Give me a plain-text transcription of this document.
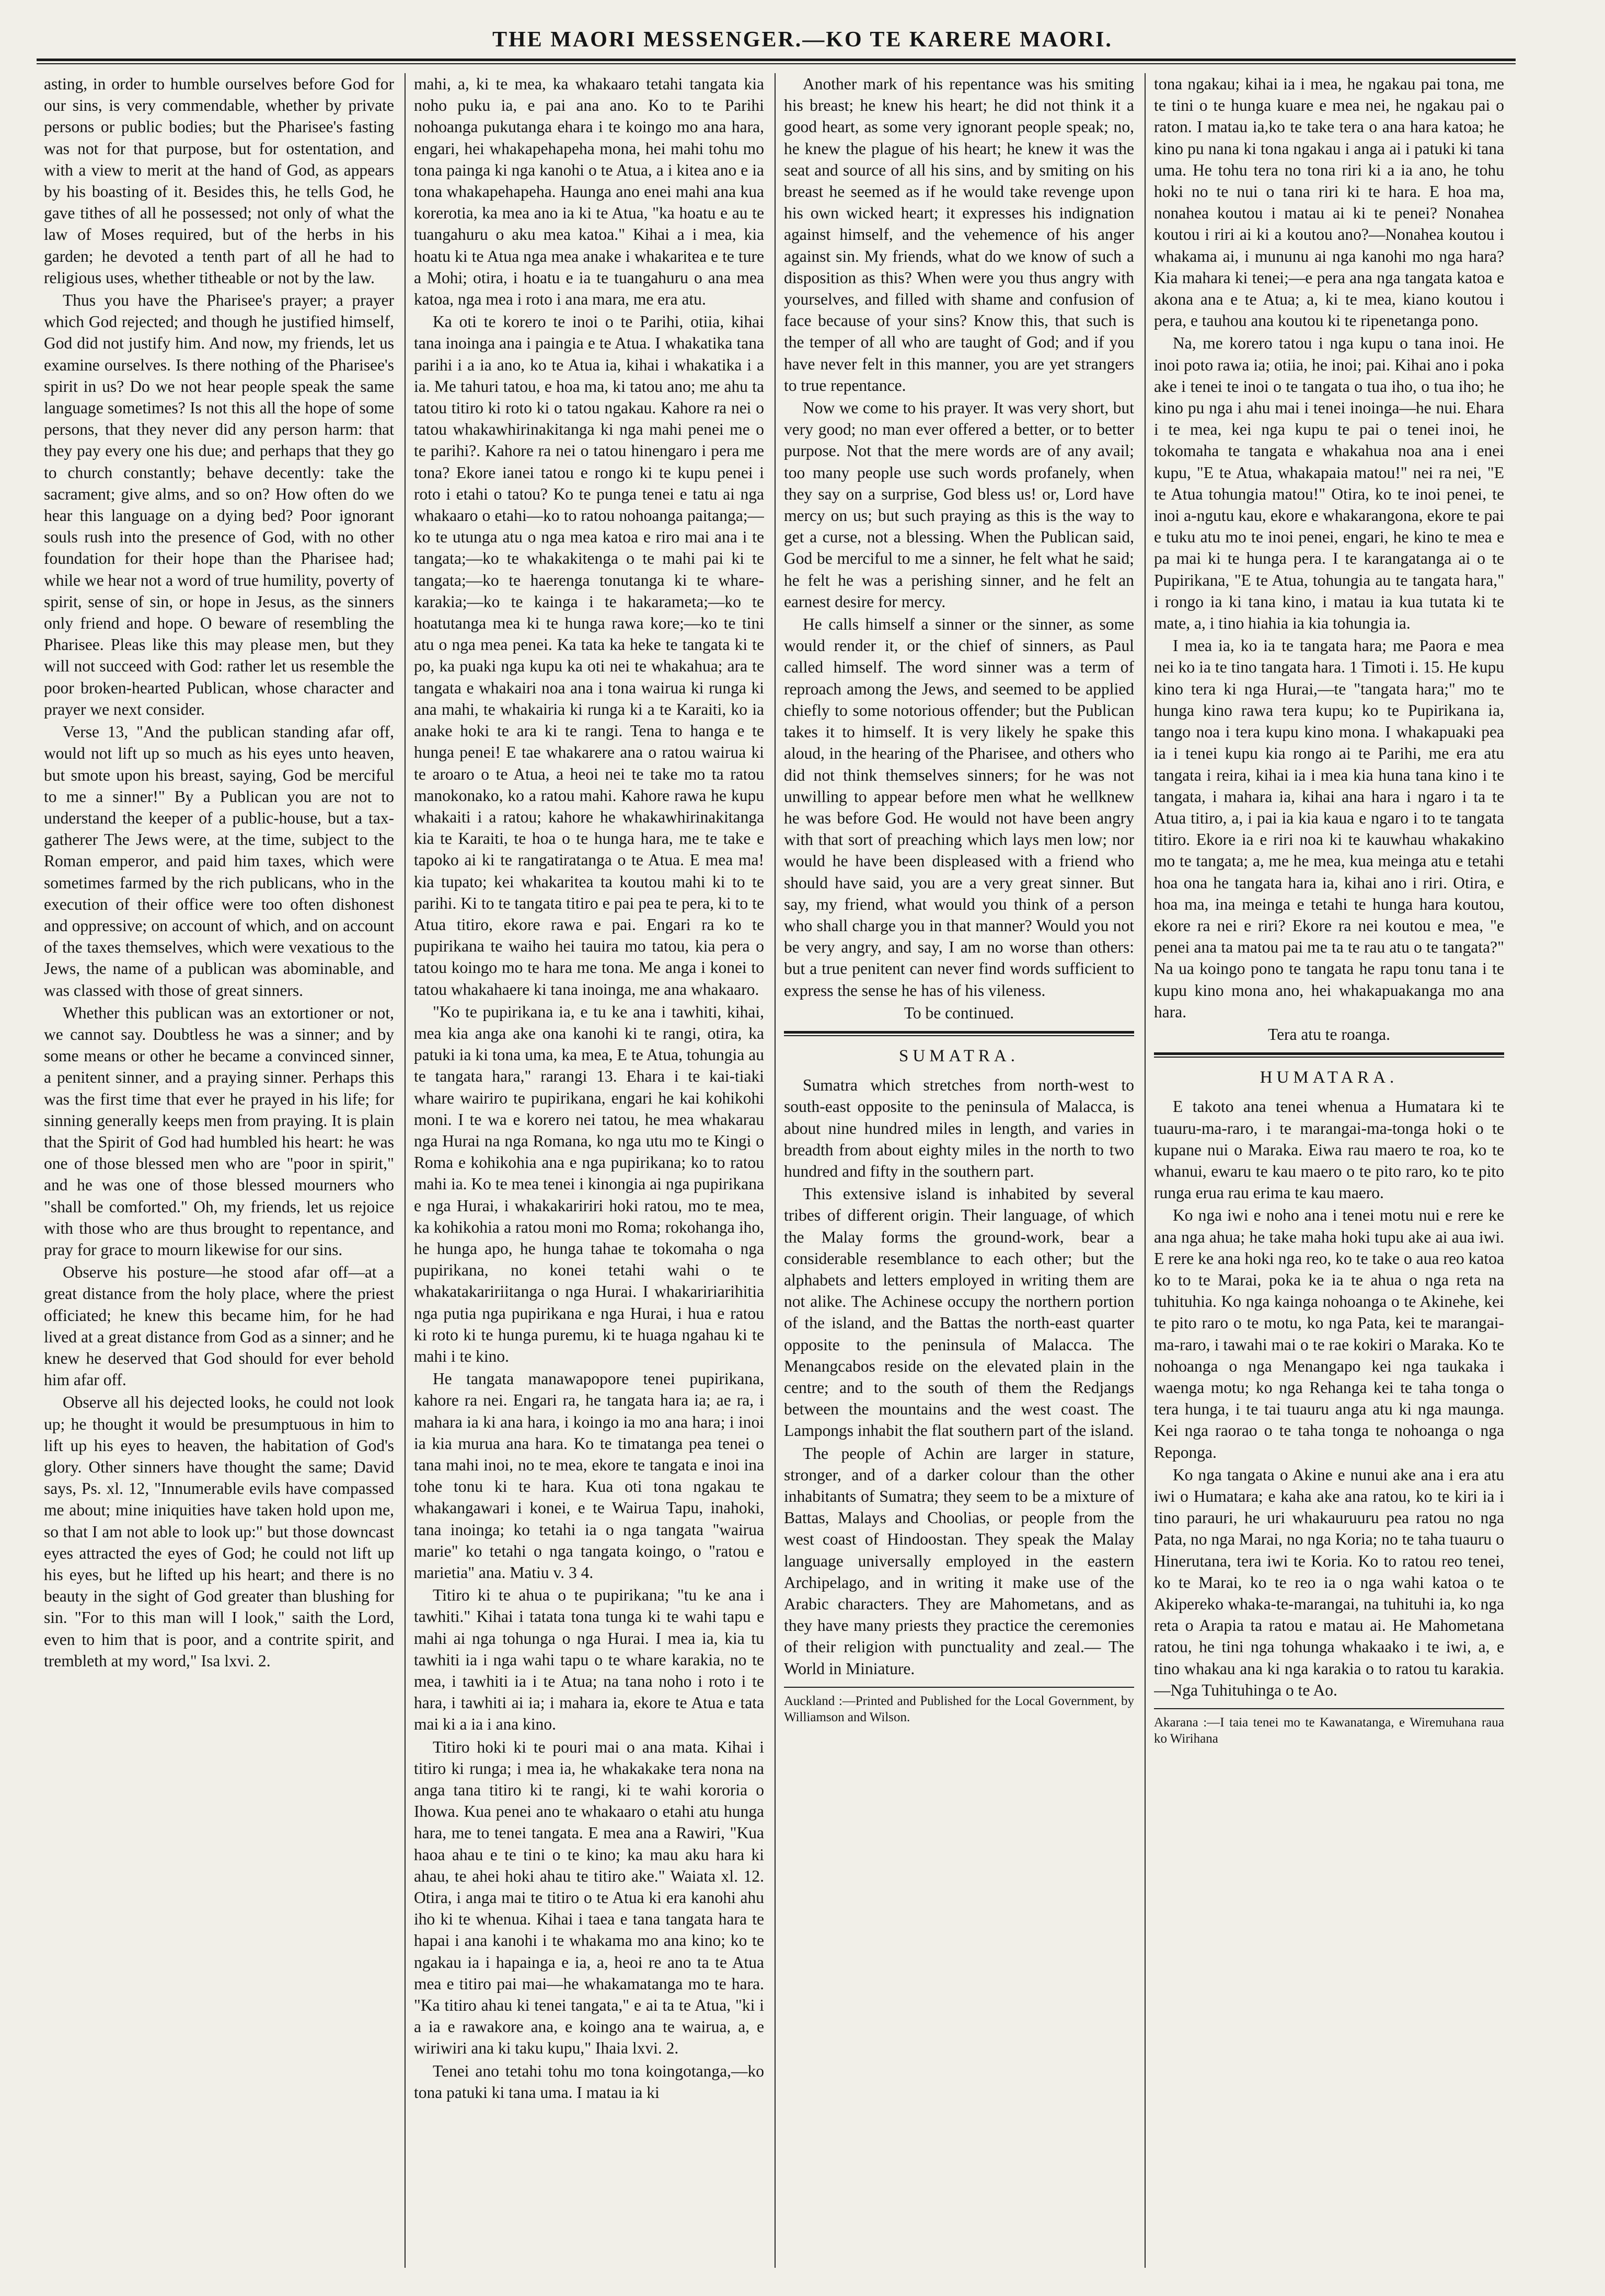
THE MAORI MESSENGER.—KO TE KARERE MAORI.

asting, in order to humble ourselves before God for our sins, is very commendable, whether by private persons or public bodies; but the Pharisee's fasting was not for that purpose, but for ostentation, and with a view to merit at the hand of God, as appears by his boasting of it. Besides this, he tells God, he gave tithes of all he possessed; not only of what the law of Moses required, but of the herbs in his garden; he devoted a tenth part of all he had to religious uses, whether titheable or not by the law.

Thus you have the Pharisee's prayer; a prayer which God rejected; and though he justified himself, God did not justify him. And now, my friends, let us examine ourselves. Is there nothing of the Pharisee's spirit in us? Do we not hear people speak the same language sometimes? Is not this all the hope of some persons, that they never did any person harm: that they pay every one his due; and perhaps that they go to church constantly; behave decently: take the sacrament; give alms, and so on? How often do we hear this language on a dying bed? Poor ignorant souls rush into the presence of God, with no other foundation for their hope than the Pharisee had; while we hear not a word of true humility, poverty of spirit, sense of sin, or hope in Jesus, as the sinners only friend and hope. O beware of resembling the Pharisee. Pleas like this may please men, but they will not succeed with God: rather let us resemble the poor broken-hearted Publican, whose character and prayer we next consider.

Verse 13, "And the publican standing afar off, would not lift up so much as his eyes unto heaven, but smote upon his breast, saying, God be merciful to me a sinner!" By a Publican you are not to understand the keeper of a public-house, but a tax-gatherer The Jews were, at the time, subject to the Roman emperor, and paid him taxes, which were sometimes farmed by the rich publicans, who in the execution of their office were too often dishonest and oppressive; on account of which, and on account of the taxes themselves, which were vexatious to the Jews, the name of a publican was abominable, and was classed with those of great sinners.

Whether this publican was an extortioner or not, we cannot say. Doubtless he was a sinner; and by some means or other he became a convinced sinner, a penitent sinner, and a praying sinner. Perhaps this was the first time that ever he prayed in his life; for sinning generally keeps men from praying. It is plain that the Spirit of God had humbled his heart: he was one of those blessed men who are "poor in spirit," and he was one of those blessed mourners who "shall be comforted." Oh, my friends, let us rejoice with those who are thus brought to repentance, and pray for grace to mourn likewise for our sins.

Observe his posture—he stood afar off—at a great distance from the holy place, where the priest officiated; he knew this became him, for he had lived at a great distance from God as a sinner; and he knew he deserved that God should for ever behold him afar off.

Observe all his dejected looks, he could not look up; he thought it would be presumptuous in him to lift up his eyes to heaven, the habitation of God's glory. Other sinners have thought the same; David says, Ps. xl. 12, "Innumerable evils have compassed me about; mine iniquities have taken hold upon me, so that I am not able to look up:" but those downcast eyes attracted the eyes of God; he could not lift up his eyes, but he lifted up his heart; and there is no beauty in the sight of God greater than blushing for sin. "For to this man will I look," saith the Lord, even to him that is poor, and a contrite spirit, and trembleth at my word," Isa lxvi. 2.

mahi, a, ki te mea, ka whakaaro tetahi tangata kia noho puku ia, e pai ana ano. Ko to te Parihi nohoanga pukutanga ehara i te koingo mo ana hara, engari, hei whakapehapeha mona, hei mahi tohu mo tona painga ki nga kanohi o te Atua, a i kitea ano e ia tona whakapehapeha. Haunga ano enei mahi ana kua korerotia, ka mea ano ia ki te Atua, "ka hoatu e au te tuangahuru o aku mea katoa." Kihai a i mea, kia hoatu ki te Atua nga mea anake i whakaritea e te ture a Mohi; otira, i hoatu e ia te tuangahuru o ana mea katoa, nga mea i roto i ana mara, me era atu.

Ka oti te korero te inoi o te Parihi, otiia, kihai tana inoinga ana i paingia e te Atua. I whakatika tana parihi i a ia ano, ko te Atua ia, kihai i whakatika i a ia. Me tahuri tatou, e hoa ma, ki tatou ano; me ahu ta tatou titiro ki roto ki o tatou ngakau. Kahore ra nei o tatou whakawhirinakitanga ki nga mahi penei me o te parihi?. Kahore ra nei o tatou hinengaro i pera me tona? Ekore ianei tatou e rongo ki te kupu penei i roto i etahi o tatou? Ko te punga tenei e tatu ai nga whakaaro o etahi—ko to ratou nohoanga paitanga;—ko te utunga atu o nga mea katoa e riro mai ana i te tangata;—ko te whakakitenga o te mahi pai ki te tangata;—ko te haerenga tonutanga ki te whare-karakia;—ko te kainga i te hakarameta;—ko te hoatutanga mea ki te hunga rawa kore;—ko te tini atu o nga mea penei. Ka tata ka heke te tangata ki te po, ka puaki nga kupu ka oti nei te whakahua; ara te tangata e whakairi noa ana i tona wairua ki runga ki ana mahi, te whakairia ki runga ki a te Karaiti, ko ia anake hoki te ara ki te rangi. Tena to hanga e te hunga penei! E tae whakarere ana o ratou wairua ki te aroaro o te Atua, a heoi nei te take mo ta ratou manokonako, ko a ratou mahi. Kahore rawa he kupu whakaiti i a ratou; kahore he whakawhirinakitanga kia te Karaiti, te hoa o te hunga hara, me te take e tapoko ai ki te rangatiratanga o te Atua. E mea ma! kia tupato; kei whakaritea ta koutou mahi ki to te parihi. Ki to te tangata titiro e pai pea te pera, ki to te Atua titiro, ekore rawa e pai. Engari ra ko te pupirikana te waiho hei tauira mo tatou, kia pera o tatou koingo mo te hara me tona. Me anga i konei to tatou whakahaere ki tana inoinga, me ana whakaaro.

"Ko te pupirikana ia, e tu ke ana i tawhiti, kihai, mea kia anga ake ona kanohi ki te rangi, otira, ka patuki ia ki tona uma, ka mea, E te Atua, tohungia au te tangata hara," rarangi 13. Ehara i te kai-tiaki whare wairiro te pupirikana, engari he kai kohikohi moni. I te wa e korero nei tatou, he mea whakarau nga Hurai na nga Romana, ko nga utu mo te Kingi o Roma e kohikohia ana e nga pupirikana; ko to ratou mahi ia. Ko te mea tenei i kinongia ai nga pupirikana e nga Hurai, i whakakaririri hoki ratou, mo te mea, ka kohikohia a ratou moni mo Roma; rokohanga iho, he hunga apo, he hunga tahae te tokomaha o nga pupirikana, no konei tetahi wahi o te whakatakaririitanga o nga Hurai. I whakaririarihitia nga putia nga pupirikana e nga Hurai, i hua e ratou ki roto ki te hunga puremu, ki te huaga ngahau ki te mahi i te kino.

He tangata manawapopore tenei pupirikana, kahore ra nei. Engari ra, he tangata hara ia; ae ra, i mahara ia ki ana hara, i koingo ia mo ana hara; i inoi ia kia murua ana hara. Ko te timatanga pea tenei o tana mahi inoi, no te mea, ekore te tangata e inoi ina tohe tonu ki te hara. Kua oti tona ngakau te whakangawari i konei, e te Wairua Tapu, inahoki, tana inoinga; ko tetahi ia o nga tangata "wairua marie" ko tetahi o nga tangata koingo, o "ratou e marietia" ana. Matiu v. 3 4.

Titiro ki te ahua o te pupirikana; "tu ke ana i tawhiti." Kihai i tatata tona tunga ki te wahi tapu e mahi ai nga tohunga o nga Hurai. I mea ia, kia tu tawhiti ia i nga wahi tapu o te whare karakia, no te mea, i tawhiti ia i te Atua; na tana noho i roto i te hara, i tawhiti ai ia; i mahara ia, ekore te Atua e tata mai ki a ia i ana kino.

Titiro hoki ki te pouri mai o ana mata. Kihai i titiro ki runga; i mea ia, he whakakake tera nona na anga tana titiro ki te rangi, ki te wahi kororia o Ihowa. Kua penei ano te whakaaro o etahi atu hunga hara, me to tenei tangata. E mea ana a Rawiri, "Kua haoa ahau e te tini o te kino; ka mau aku hara ki ahau, te ahei hoki ahau te titiro ake." Waiata xl. 12. Otira, i anga mai te titiro o te Atua ki era kanohi ahu iho ki te whenua. Kihai i taea e tana tangata hara te hapai i ana kanohi i te whakama mo ana kino; ko te ngakau ia i hapainga e ia, a, heoi re ano ta te Atua mea e titiro pai mai—he whakamatanga mo te hara. "Ka titiro ahau ki tenei tangata," e ai ta te Atua, "ki i a ia e rawakore ana, e koingo ana te wairua, a, e wiriwiri ana ki taku kupu," Ihaia lxvi. 2.

Tenei ano tetahi tohu mo tona koingotanga,—ko tona patuki ki tana uma. I matau ia ki

Another mark of his repentance was his smiting his breast; he knew his heart; he did not think it a good heart, as some very ignorant people speak; no, he knew the plague of his heart; he knew it was the seat and source of all his sins, and by smiting on his breast he seemed as if he would take revenge upon his own wicked heart; it expresses his indignation against himself, and the vehemence of his anger against sin. My friends, what do we know of such a disposition as this? When were you thus angry with yourselves, and filled with shame and confusion of face because of your sins? Know this, that such is the temper of all who are taught of God; and if you have never felt in this manner, you are yet strangers to true repentance.

Now we come to his prayer. It was very short, but very good; no man ever offered a better, or to better purpose. Not that the mere words are of any avail; too many people use such words profanely, when they say on a surprise, God bless us! or, Lord have mercy on us; but such praying as this is the way to get a curse, not a blessing. When the Publican said, God be merciful to me a sinner, he felt what he said; he felt he was a perishing sinner, and he felt an earnest desire for mercy.

He calls himself a sinner or the sinner, as some would render it, or the chief of sinners, as Paul called himself. The word sinner was a term of reproach among the Jews, and seemed to be applied chiefly to some notorious offender; but the Publican takes it to himself. It is very likely he spake this aloud, in the hearing of the Pharisee, and others who did not think themselves sinners; for he was not unwilling to appear before men what he wellknew he was before God. He would not have been angry with that sort of preaching which lays men low; nor would he have been displeased with a friend who should have said, you are a very great sinner. But say, my friend, what would you think of a person who shall charge you in that manner? Would you not be very angry, and say, I am no worse than others: but a true penitent can never find words sufficient to express the sense he has of his vileness.

To be continued.

SUMATRA.

Sumatra which stretches from north-west to south-east opposite to the peninsula of Malacca, is about nine hundred miles in length, and varies in breadth from about eighty miles in the north to two hundred and fifty in the southern part.

This extensive island is inhabited by several tribes of different origin. Their language, of which the Malay forms the ground-work, bear a considerable resemblance to each other; but the alphabets and letters employed in writing them are not alike. The Achinese occupy the northern portion of the island, and the Battas the north-east quarter opposite to the peninsula of Malacca. The Menangcabos reside on the elevated plain in the centre; and to the south of them the Redjangs between the mountains and the west coast. The Lampongs inhabit the flat southern part of the island.

The people of Achin are larger in stature, stronger, and of a darker colour than the other inhabitants of Sumatra; they seem to be a mixture of Battas, Malays and Choolias, or people from the west coast of Hindoostan. They speak the Malay language universally employed in the eastern Archipelago, and in writing it make use of the Arabic characters. They are Mahometans, and as they have many priests they practice the ceremonies of their religion with punctuality and zeal.— The World in Miniature.

Auckland :—Printed and Published for the Local Government, by Williamson and Wilson.

tona ngakau; kihai ia i mea, he ngakau pai tona, me te tini o te hunga kuare e mea nei, he ngakau pai o raton. I matau ia,ko te take tera o ana hara katoa; he kino pu nana ki tona ngakau i anga ai i patuki ki tana uma. He tohu tera no tona riri ki a ia ano, he tohu hoki no te nui o tana riri ki te hara. E hoa ma, nonahea koutou i matau ai ki te penei? Nonahea koutou i riri ai ki a koutou ano?—Nonahea koutou i whakama ai, i mununu ai nga kanohi mo nga hara? Kia mahara ki tenei;—e pera ana nga tangata katoa e akona ana e te Atua; a, ki te mea, kiano koutou i pera, e tauhou ana koutou ki te ripenetanga pono.

Na, me korero tatou i nga kupu o tana inoi. He inoi poto rawa ia; otiia, he inoi; pai. Kihai ano i poka ake i tenei te inoi o te tangata o tua iho, o tua iho; he kino pu nga i ahu mai i tenei inoinga—he nui. Ehara i te mea, kei nga kupu te pai o tenei inoi, he tokomaha te tangata e whakahua noa ana i enei kupu, "E te Atua, whakapaia matou!" nei ra nei, "E te Atua tohungia matou!" Otira, ko te inoi penei, te inoi a-ngutu kau, ekore e whakarangona, ekore te pai e tuku atu mo te inoi penei, engari, he kino te mea e pa mai ki te hunga pera. I te karangatanga ai o te Pupirikana, "E te Atua, tohungia au te tangata hara," i rongo ia ki tana kino, i matau ia kua tutata ki te mate, a, i tino hiahia ia kia tohungia ia.

I mea ia, ko ia te tangata hara; me Paora e mea nei ko ia te tino tangata hara. 1 Timoti i. 15. He kupu kino tera ki nga Hurai,—te "tangata hara;" mo te hunga kino rawa tera kupu; ko te Pupirikana ia, tango noa i tera kupu kino mona. I whakapuaki pea ia i tenei kupu kia rongo ai te Parihi, me era atu tangata i reira, kihai ia i mea kia huna tana kino i te tangata, i mahara ia, kihai ana hara i ngaro i ta te Atua titiro, a, i pai ia kia kaua e ngaro i to te tangata titiro. Ekore ia e riri noa ki te kauwhau whakakino mo te tangata; a, me he mea, kua meinga atu e tetahi hoa ona he tangata hara ia, kihai ano i riri. Otira, e hoa ma, ina meinga e tetahi te hunga hara koutou, ekore ra nei e riri? Ekore ra nei koutou e mea, "e penei ana ta matou pai me ta te rau atu o te tangata?" Na ua koingo pono te tangata he rapu tonu tana i te kupu kino mona ano, hei whakapuakanga mo ana hara.

Tera atu te roanga.

HUMATARA.

E takoto ana tenei whenua a Humatara ki te tuauru-ma-raro, i te marangai-ma-tonga hoki o te kupane nui o Maraka. Eiwa rau maero te roa, ko te whanui, ewaru te kau maero o te pito raro, ko te pito runga erua rau erima te kau maero.

Ko nga iwi e noho ana i tenei motu nui e rere ke ana nga ahua; he take maha hoki tupu ake ai aua iwi. E rere ke ana hoki nga reo, ko te take o aua reo katoa ko to te Marai, poka ke ia te ahua o nga reta na tuhituhia. Ko nga kainga nohoanga o te Akinehe, kei te pito raro o te motu, ko nga Pata, kei te marangai-ma-raro, i tawahi mai o te rae kokiri o Maraka. Ko te nohoanga o nga Menangapo kei nga taukaka i waenga motu; ko nga Rehanga kei te taha tonga o tera hunga, i te tai tuauru anga atu ki nga maunga. Kei nga raorao o te taha tonga te nohoanga o nga Reponga.

Ko nga tangata o Akine e nunui ake ana i era atu iwi o Humatara; e kaha ake ana ratou, ko te kiri ia i tino parauri, he uri whakauruuru pea ratou no nga Pata, no nga Marai, no nga Koria; no te taha tuauru o Hinerutana, tera iwi te Koria. Ko to ratou reo tenei, ko te Marai, ko te reo ia o nga wahi katoa o te Akipereko whaka-te-marangai, na tuhituhi ia, ko nga reta o Arapia ta ratou e matau ai. He Mahometana ratou, he tini nga tohunga whakaako i te iwi, a, e tino whakau ana ki nga karakia o to ratou tu karakia.—Nga Tuhituhinga o te Ao.

Akarana :—I taia tenei mo te Kawanatanga, e Wiremuhana raua ko Wirihana
